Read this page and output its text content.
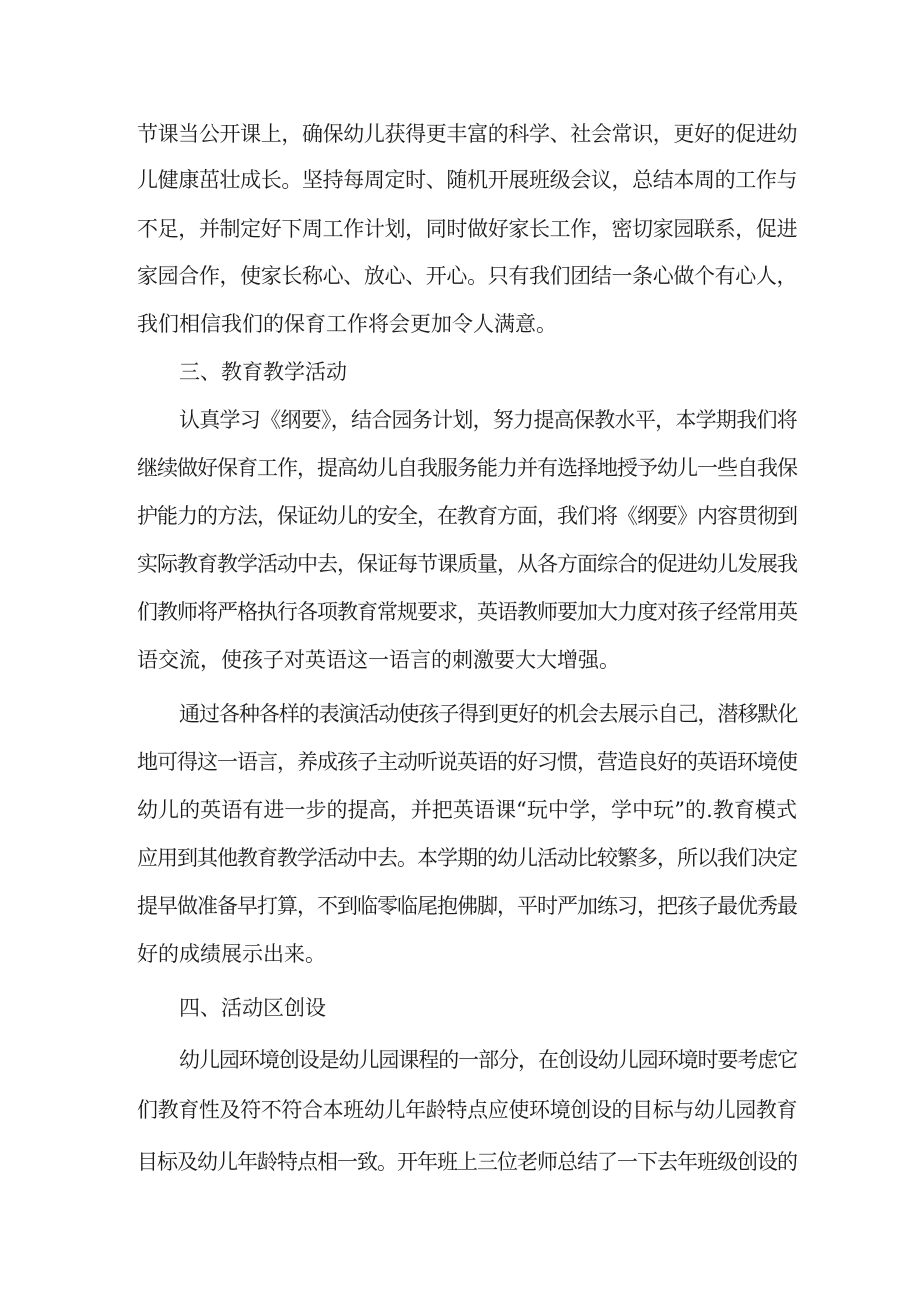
节课当公开课上，确保幼儿获得更丰富的科学、社会常识，更好的促进幼
儿健康茁壮成长。坚持每周定时、随机开展班级会议，总结本周的工作与
不足，并制定好下周工作计划，同时做好家长工作，密切家园联系，促进
家园合作，使家长称心、放心、开心。只有我们团结一条心做个有心人，
我们相信我们的保育工作将会更加令人满意。
三、教育教学活动
认真学习《纲要》，结合园务计划，努力提高保教水平，本学期我们将
继续做好保育工作，提高幼儿自我服务能力并有选择地授予幼儿一些自我保
护能力的方法，保证幼儿的安全，在教育方面，我们将《纲要》内容贯彻到
实际教育教学活动中去，保证每节课质量，从各方面综合的促进幼儿发展我
们教师将严格执行各项教育常规要求，英语教师要加大力度对孩子经常用英
语交流，使孩子对英语这一语言的刺激要大大增强。
通过各种各样的表演活动使孩子得到更好的机会去展示自己，潜移默化
地可得这一语言，养成孩子主动听说英语的好习惯，营造良好的英语环境使
幼儿的英语有进一步的提高，并把英语课“玩中学，学中玩”的.教育模式
应用到其他教育教学活动中去。本学期的幼儿活动比较繁多，所以我们决定
提早做准备早打算，不到临零临尾抱佛脚，平时严加练习，把孩子最优秀最
好的成绩展示出来。
四、活动区创设
幼儿园环境创设是幼儿园课程的一部分，在创设幼儿园环境时要考虑它
们教育性及符不符合本班幼儿年龄特点应使环境创设的目标与幼儿园教育
目标及幼儿年龄特点相一致。开年班上三位老师总结了一下去年班级创设的
